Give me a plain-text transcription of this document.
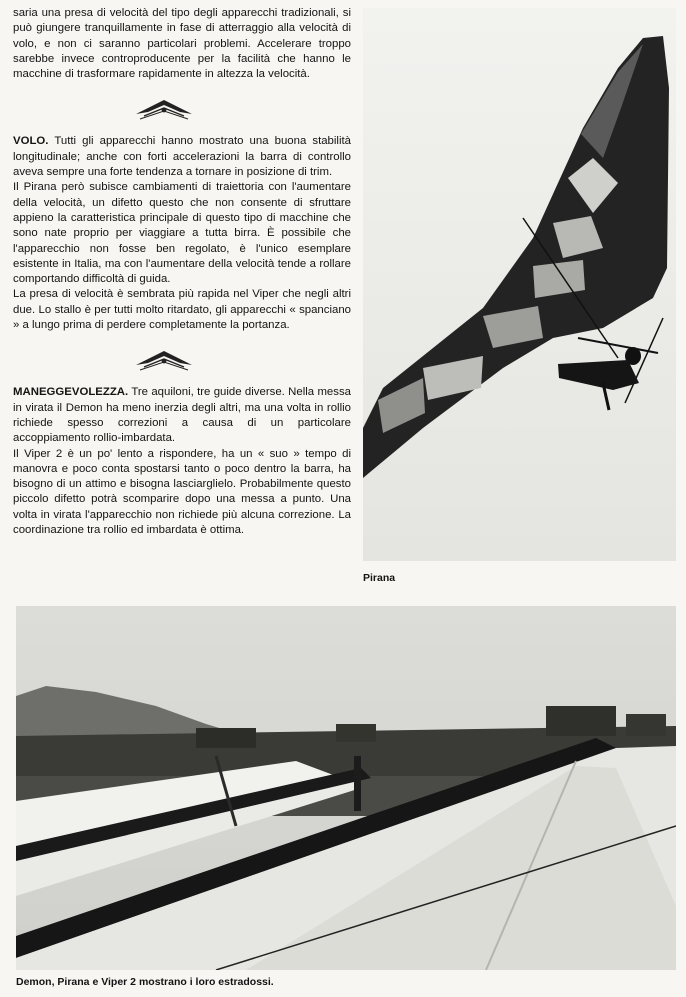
saria una presa di velocità del tipo degli apparecchi tradizionali, si può giungere tranquillamente in fase di atterraggio alla velocità di volo, e non ci saranno particolari problemi. Accelerare troppo sarebbe invece controproducente per la facilità che hanno le macchine di trasformare rapidamente in altezza la velocità.

VOLO. Tutti gli apparecchi hanno mostrato una buona stabilità longitudinale; anche con forti accelerazioni la barra di controllo aveva sempre una forte tendenza a tornare in posizione di trim.

Il Pirana però subisce cambiamenti di traiettoria con l'aumentare della velocità, un difetto questo che non consente di sfruttare appieno la caratteristica principale di questo tipo di macchine che sono nate proprio per viaggiare a tutta birra. È possibile che l'apparecchio non fosse ben regolato, è l'unico esemplare esistente in Italia, ma con l'aumentare della velocità tende a rollare comportando difficoltà di guida.

La presa di velocità è sembrata più rapida nel Viper che negli altri due. Lo stallo è per tutti molto ritardato, gli apparecchi « spanciano » a lungo prima di perdere completamente la portanza.

MANEGGEVOLEZZA. Tre aquiloni, tre guide diverse. Nella messa in virata il Demon ha meno inerzia degli altri, ma una volta in rollio richiede spesso correzioni a causa di un particolare accoppiamento rollio-imbardata.

Il Viper 2 è un po' lento a rispondere, ha un « suo » tempo di manovra e poco conta spostarsi tanto o poco dentro la barra, ha bisogno di un attimo e bisogna lasciarglielo. Probabilmente questo piccolo difetto potrà scomparire dopo una messa a punto. Una volta in virata l'apparecchio non richiede più alcuna correzione. La coordinazione tra rollio ed imbardata è ottima.

Pirana
Demon, Pirana e Viper 2 mostrano i loro estradossi.
